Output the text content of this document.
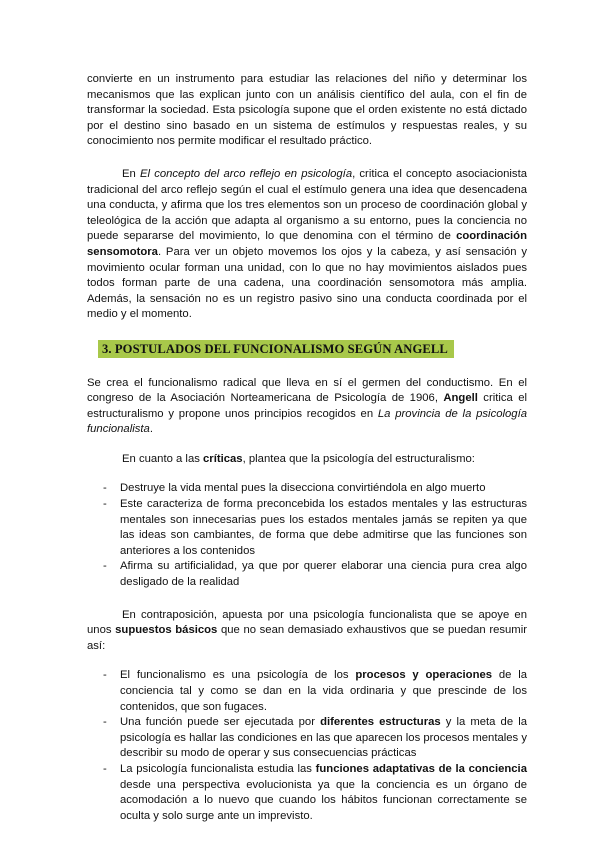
convierte en un instrumento para estudiar las relaciones del niño y determinar los mecanismos que las explican junto con un análisis científico del aula, con el fin de transformar la sociedad. Esta psicología supone que el orden existente no está dictado por el destino sino basado en un sistema de estímulos y respuestas reales, y su conocimiento nos permite modificar el resultado práctico.

En El concepto del arco reflejo en psicología, critica el concepto asociacionista tradicional del arco reflejo según el cual el estímulo genera una idea que desencadena una conducta, y afirma que los tres elementos son un proceso de coordinación global y teleológica de la acción que adapta al organismo a su entorno, pues la conciencia no puede separarse del movimiento, lo que denomina con el término de coordinación sensomotora. Para ver un objeto movemos los ojos y la cabeza, y así sensación y movimiento ocular forman una unidad, con lo que no hay movimientos aislados pues todos forman parte de una cadena, una coordinación sensomotora más amplia. Además, la sensación no es un registro pasivo sino una conducta coordinada por el medio y el momento.

3. POSTULADOS DEL FUNCIONALISMO SEGÚN ANGELL

Se crea el funcionalismo radical que lleva en sí el germen del conductismo. En el congreso de la Asociación Norteamericana de Psicología de 1906, Angell critica el estructuralismo y propone unos principios recogidos en La provincia de la psicología funcionalista.

En cuanto a las críticas, plantea que la psicología del estructuralismo:

- Destruye la vida mental pues la disecciona convirtiéndola en algo muerto
- Este caracteriza de forma preconcebida los estados mentales y las estructuras mentales son innecesarias pues los estados mentales jamás se repiten ya que las ideas son cambiantes, de forma que debe admitirse que las funciones son anteriores a los contenidos
- Afirma su artificialidad, ya que por querer elaborar una ciencia pura crea algo desligado de la realidad

En contraposición, apuesta por una psicología funcionalista que se apoye en unos supuestos básicos que no sean demasiado exhaustivos que se puedan resumir así:

- El funcionalismo es una psicología de los procesos y operaciones de la conciencia tal y como se dan en la vida ordinaria y que prescinde de los contenidos, que son fugaces.
- Una función puede ser ejecutada por diferentes estructuras y la meta de la psicología es hallar las condiciones en las que aparecen los procesos mentales y describir su modo de operar y sus consecuencias prácticas
- La psicología funcionalista estudia las funciones adaptativas de la conciencia desde una perspectiva evolucionista ya que la conciencia es un órgano de acomodación a lo nuevo que cuando los hábitos funcionan correctamente se oculta y solo surge ante un imprevisto.
